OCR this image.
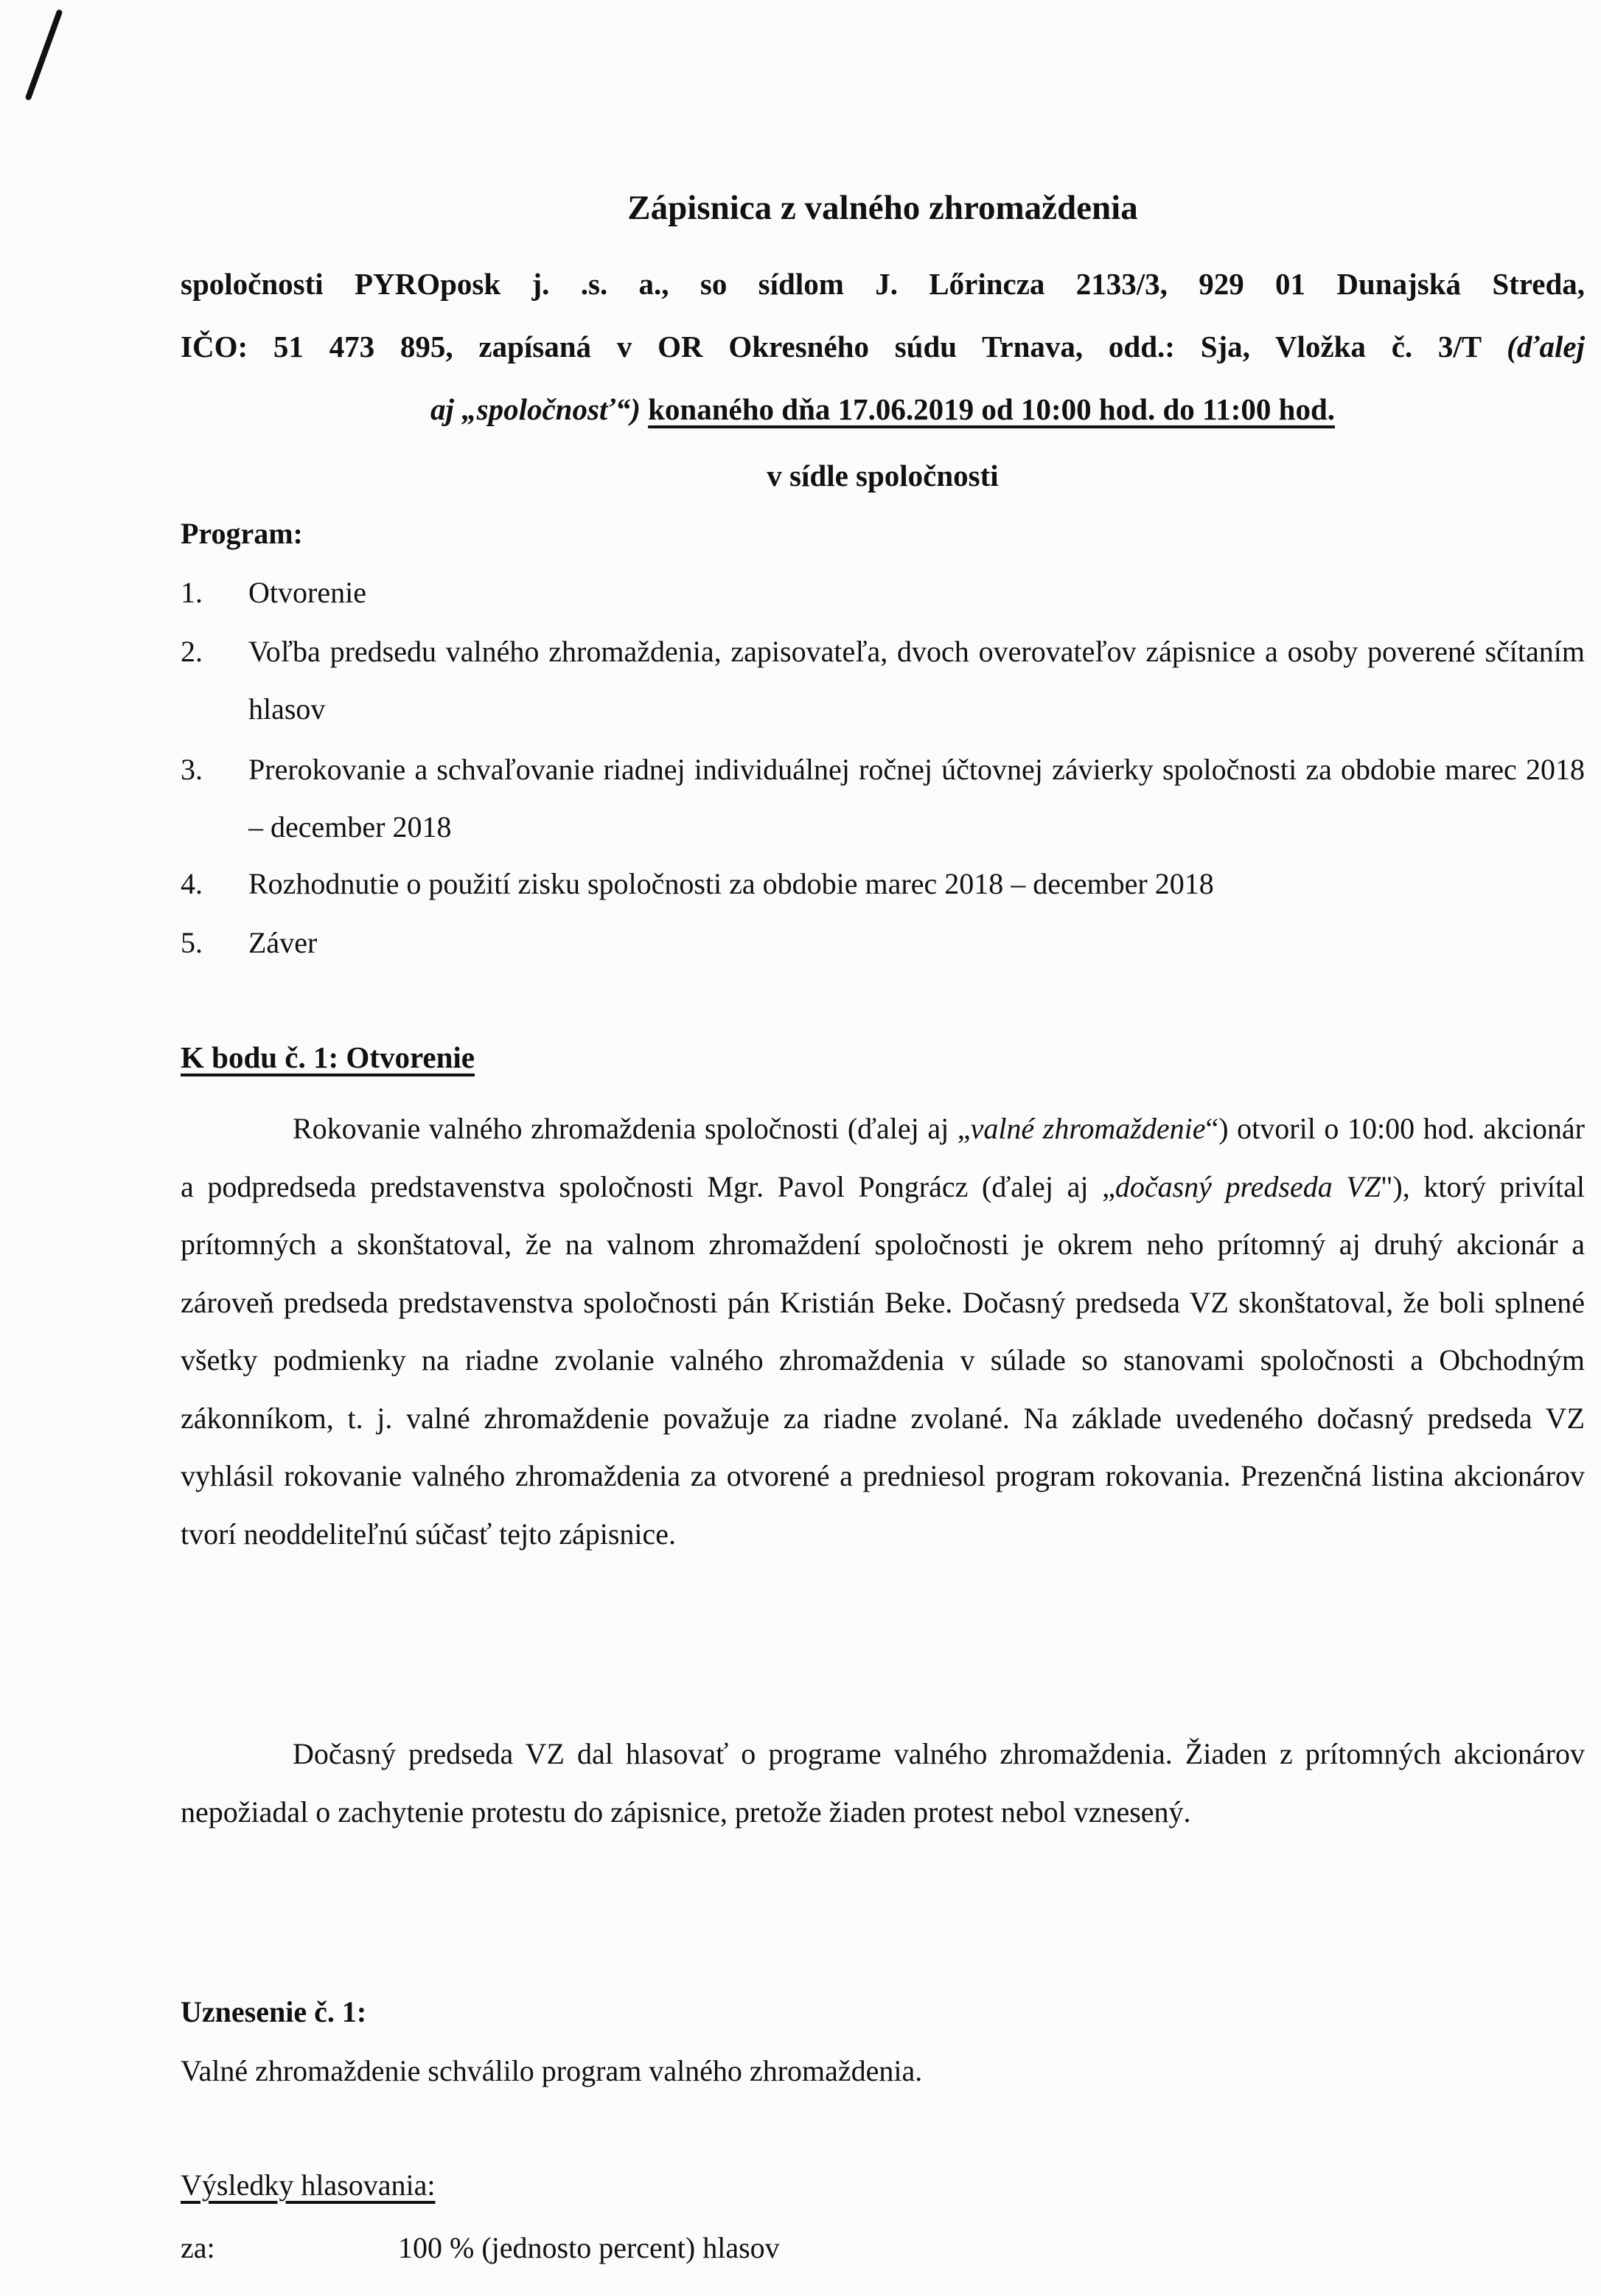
Zápisnica z valného zhromaždenia
spoločnosti PYROposk j. .s. a., so sídlom J. Lőrincza 2133/3, 929 01 Dunajská Streda,
IČO: 51 473 895, zapísaná v OR Okresného súdu Trnava, odd.: Sja, Vložka č. 3/T (ďalej
aj „spoločnosť“) konaného dňa 17.06.2019 od 10:00 hod. do 11:00 hod.
v sídle spoločnosti
Program:
1. Otvorenie
2. Voľba predsedu valného zhromaždenia, zapisovateľa, dvoch overovateľov zápisnice a osoby poverené sčítaním hlasov
3. Prerokovanie a schvaľovanie riadnej individuálnej ročnej účtovnej závierky spoločnosti za obdobie marec 2018 – december 2018
4. Rozhodnutie o použití zisku spoločnosti za obdobie marec 2018 – december 2018
5. Záver
K bodu č. 1: Otvorenie

Rokovanie valného zhromaždenia spoločnosti (ďalej aj „valné zhromaždenie“) otvoril o 10:00 hod. akcionár a podpredseda predstavenstva spoločnosti Mgr. Pavol Pongrácz (ďalej aj „dočasný predseda VZ"), ktorý privítal prítomných a skonštatoval, že na valnom zhromaždení spoločnosti je okrem neho prítomný aj druhý akcionár a zároveň predseda predstavenstva spoločnosti pán Kristián Beke. Dočasný predseda VZ skonštatoval, že boli splnené všetky podmienky na riadne zvolanie valného zhromaždenia v súlade so stanovami spoločnosti a Obchodným zákonníkom, t. j. valné zhromaždenie považuje za riadne zvolané. Na základe uvedeného dočasný predseda VZ vyhlásil rokovanie valného zhromaždenia za otvorené a predniesol program rokovania. Prezenčná listina akcionárov tvorí neoddeliteľnú súčasť tejto zápisnice.

Dočasný predseda VZ dal hlasovať o programe valného zhromaždenia. Žiaden z prítomných akcionárov nepožiadal o zachytenie protestu do zápisnice, pretože žiaden protest nebol vznesený.

Uznesenie č. 1:
Valné zhromaždenie schválilo program valného zhromaždenia.
Výsledky hlasovania:
za:	100 % (jednosto percent) hlasov
